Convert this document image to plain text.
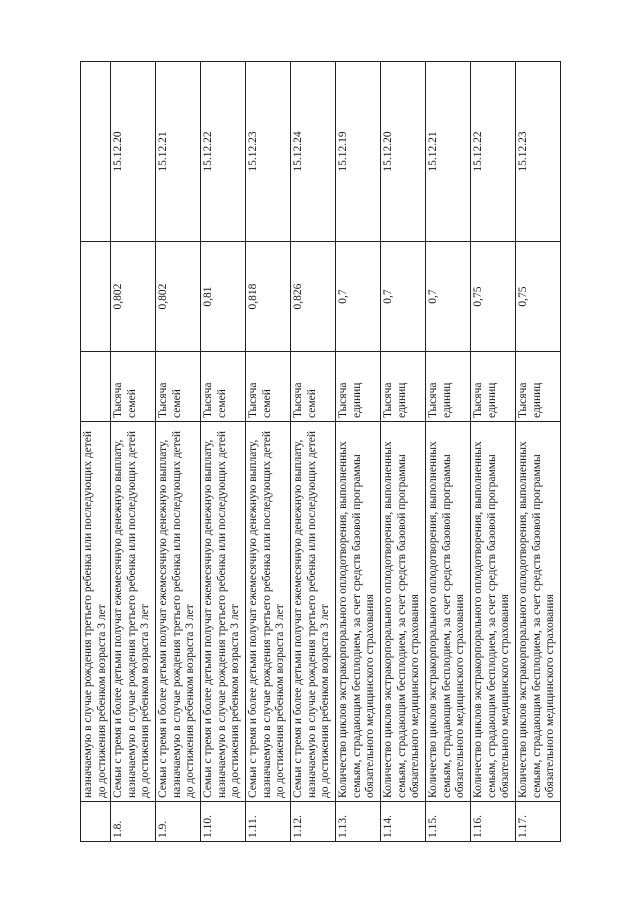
	назначаемую в случае рождения третьего ребенка или последующих детей до достижения ребенком возраста 3 лет			
1.8.	Семьи с тремя и более детьми получат ежемесячную денежную выплату, назначаемую в случае рождения третьего ребенка или последующих детей до достижения ребенком возраста 3 лет	Тысяча семей	0,802	15.12.20
1.9.	Семьи с тремя и более детьми получат ежемесячную денежную выплату, назначаемую в случае рождения третьего ребенка или последующих детей до достижения ребенком возраста 3 лет	Тысяча семей	0,802	15.12.21
1.10.	Семьи с тремя и более детьми получат ежемесячную денежную выплату, назначаемую в случае рождения третьего ребенка или последующих детей до достижения ребенком возраста 3 лет	Тысяча семей	0,81	15.12.22
1.11.	Семьи с тремя и более детьми получат ежемесячную денежную выплату, назначаемую в случае рождения третьего ребенка или последующих детей до достижения ребенком возраста 3 лет	Тысяча семей	0,818	15.12.23
1.12.	Семьи с тремя и более детьми получат ежемесячную денежную выплату, назначаемую в случае рождения третьего ребенка или последующих детей до достижения ребенком возраста 3 лет	Тысяча семей	0,826	15.12.24
1.13.	Количество циклов экстракорпорального оплодотворения, выполненных семьям, страдающим бесплодием, за счет средств базовой программы обязательного медицинского страхования	Тысяча единиц	0,7	15.12.19
1.14.	Количество циклов экстракорпорального оплодотворения, выполненных семьям, страдающим бесплодием, за счет средств базовой программы обязательного медицинского страхования	Тысяча единиц	0,7	15.12.20
1.15.	Количество циклов экстракорпорального оплодотворения, выполненных семьям, страдающим бесплодием, за счет средств базовой программы обязательного медицинского страхования	Тысяча единиц	0,7	15.12.21
1.16.	Количество циклов экстракорпорального оплодотворения, выполненных семьям, страдающим бесплодием, за счет средств базовой программы обязательного медицинского страхования	Тысяча единиц	0,75	15.12.22
1.17.	Количество циклов экстракорпорального оплодотворения, выполненных семьям, страдающим бесплодием, за счет средств базовой программы обязательного медицинского страхования	Тысяча единиц	0,75	15.12.23
